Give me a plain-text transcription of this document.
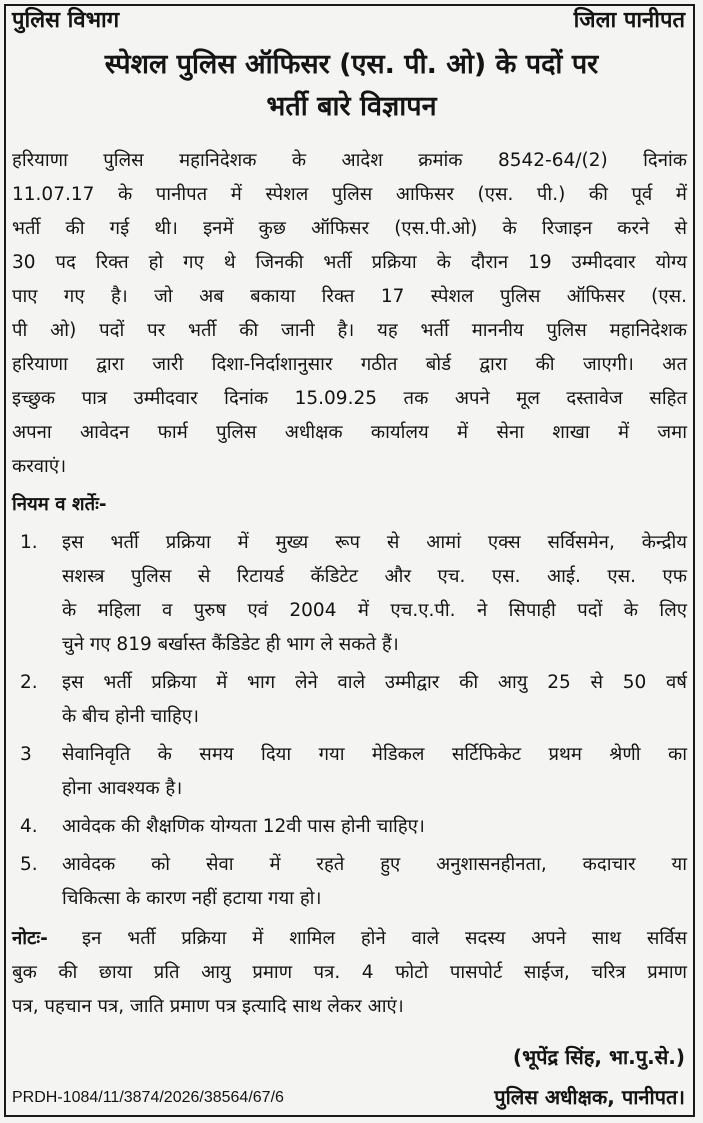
पुलिस विभाग	जिला पानीपत
स्पेशल पुलिस ऑफिसर (एस. पी. ओ) के पदों पर
भर्ती बारे विज्ञापन
हरियाणा पुलिस महानिदेशक के आदेश क्रमांक 8542-64/(2) दिनांक
11.07.17 के पानीपत में स्पेशल पुलिस आफिसर (एस. पी.) की पूर्व में
भर्ती की गई थी। इनमें कुछ ऑफिसर (एस.पी.ओ) के रिजाइन करने से
30 पद रिक्त हो गए थे जिनकी भर्ती प्रक्रिया के दौरान 19 उम्मीदवार योग्य
पाए गए है। जो अब बकाया रिक्त 17 स्पेशल पुलिस ऑफिसर (एस.
पी ओ) पदों पर भर्ती की जानी है। यह भर्ती माननीय पुलिस महानिदेशक
हरियाणा द्वारा जारी दिशा-निर्दाशानुसार गठीत बोर्ड द्वारा की जाएगी। अत
इच्छुक पात्र उम्मीदवार दिनांक 15.09.25 तक अपने मूल दस्तावेज सहित
अपना आवेदन फार्म पुलिस अधीक्षक कार्यालय में सेना शाखा में जमा
करवाएं।
नियम व शर्तेः-
1. इस भर्ती प्रक्रिया में मुख्य रूप से आमां एक्स सर्विसमेन, केन्द्रीय
सशस्त्र पुलिस से रिटायर्ड कॅडिटेट और एच. एस. आई. एस. एफ
के महिला व पुरुष एवं 2004 में एच.ए.पी. ने सिपाही पदों के लिए
चुने गए 819 बर्खास्त कैंडिडेट ही भाग ले सकते हैं।
2. इस भर्ती प्रक्रिया में भाग लेने वाले उम्मीद्वार की आयु 25 से 50 वर्ष
के बीच होनी चाहिए।
3 सेवानिवृति के समय दिया गया मेडिकल सर्टिफिकेट प्रथम श्रेणी का
होना आवश्यक है।
4. आवेदक की शैक्षणिक योग्यता 12वी पास होनी चाहिए।
5. आवेदक को सेवा में रहते हुए अनुशासनहीनता, कदाचार या
चिकित्सा के कारण नहीं हटाया गया हो।
नोटः- इन भर्ती प्रक्रिया में शामिल होने वाले सदस्य अपने साथ सर्विस
बुक की छाया प्रति आयु प्रमाण पत्र. 4 फोटो पासपोर्ट साईज, चरित्र प्रमाण
पत्र, पहचान पत्र, जाति प्रमाण पत्र इत्यादि साथ लेकर आएं।
(भूपेंद्र सिंह, भा.पु.से.)
पुलिस अधीक्षक, पानीपत।
PRDH-1084/11/3874/2026/38564/67/6
